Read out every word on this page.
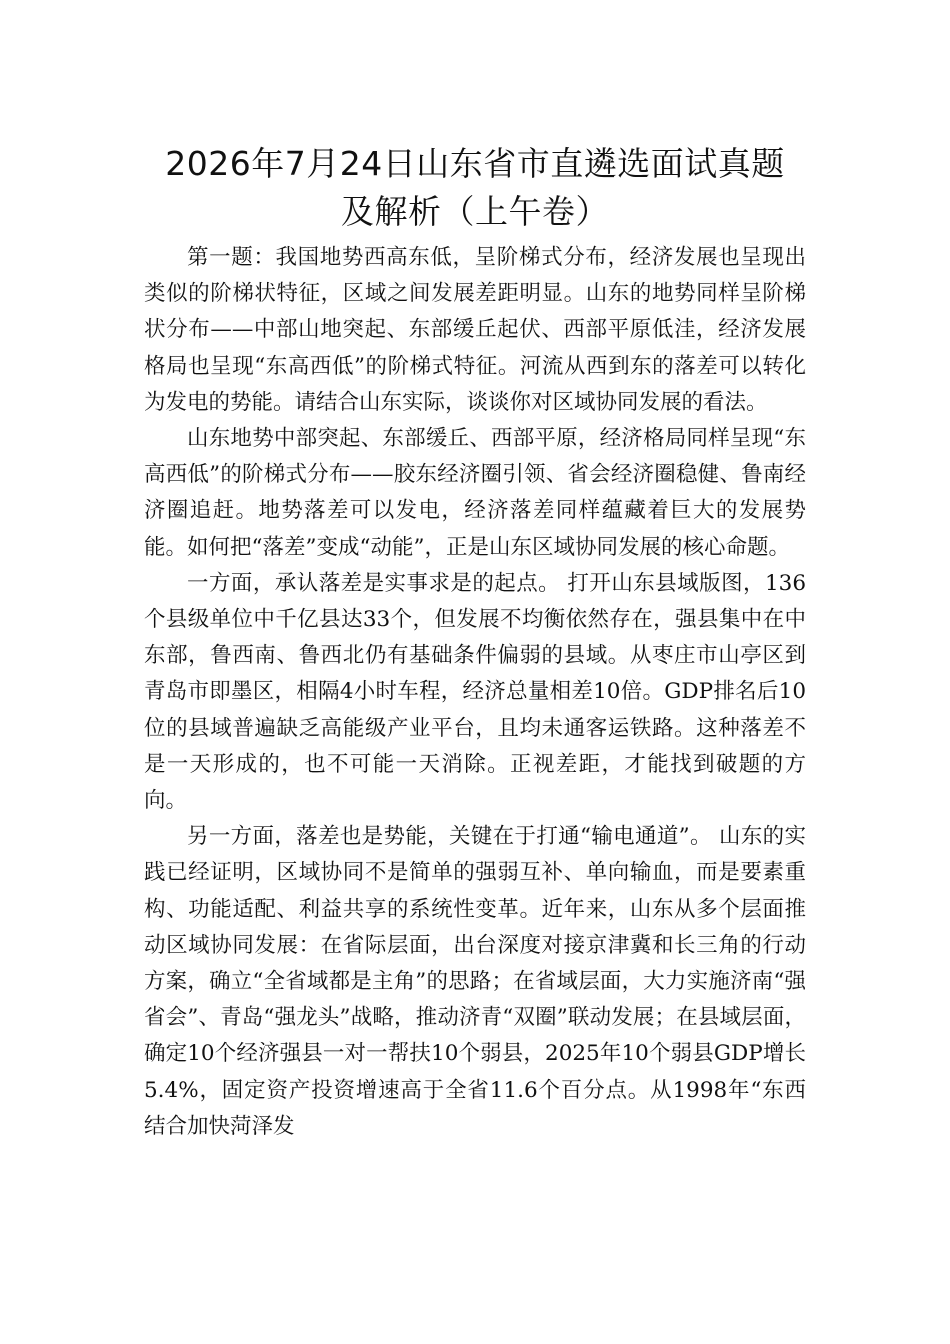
2026年7月24日山东省市直遴选面试真题
及解析（上午卷）

第一题：我国地势西高东低，呈阶梯式分布，经济发展也呈现出类似的阶梯状特征，区域之间发展差距明显。山东的地势同样呈阶梯状分布——中部山地突起、东部缓丘起伏、西部平原低洼，经济发展格局也呈现“东高西低”的阶梯式特征。河流从西到东的落差可以转化为发电的势能。请结合山东实际，谈谈你对区域协同发展的看法。

山东地势中部突起、东部缓丘、西部平原，经济格局同样呈现“东高西低”的阶梯式分布——胶东经济圈引领、省会经济圈稳健、鲁南经济圈追赶。地势落差可以发电，经济落差同样蕴藏着巨大的发展势能。如何把“落差”变成“动能”，正是山东区域协同发展的核心命题。

一方面，承认落差是实事求是的起点。 打开山东县域版图，136个县级单位中千亿县达33个，但发展不均衡依然存在，强县集中在中东部，鲁西南、鲁西北仍有基础条件偏弱的县域。从枣庄市山亭区到青岛市即墨区，相隔4小时车程，经济总量相差10倍。GDP排名后10位的县域普遍缺乏高能级产业平台，且均未通客运铁路。这种落差不是一天形成的，也不可能一天消除。正视差距，才能找到破题的方向。

另一方面，落差也是势能，关键在于打通“输电通道”。 山东的实践已经证明，区域协同不是简单的强弱互补、单向输血，而是要素重构、功能适配、利益共享的系统性变革。近年来，山东从多个层面推动区域协同发展：在省际层面，出台深度对接京津冀和长三角的行动方案，确立“全省域都是主角”的思路；在省域层面，大力实施济南“强省会”、青岛“强龙头”战略，推动济青“双圈”联动发展；在县域层面，确定10个经济强县一对一帮扶10个弱县，2025年10个弱县GDP增长5.4%，固定资产投资增速高于全省11.6个百分点。从1998年“东西结合加快菏泽发
